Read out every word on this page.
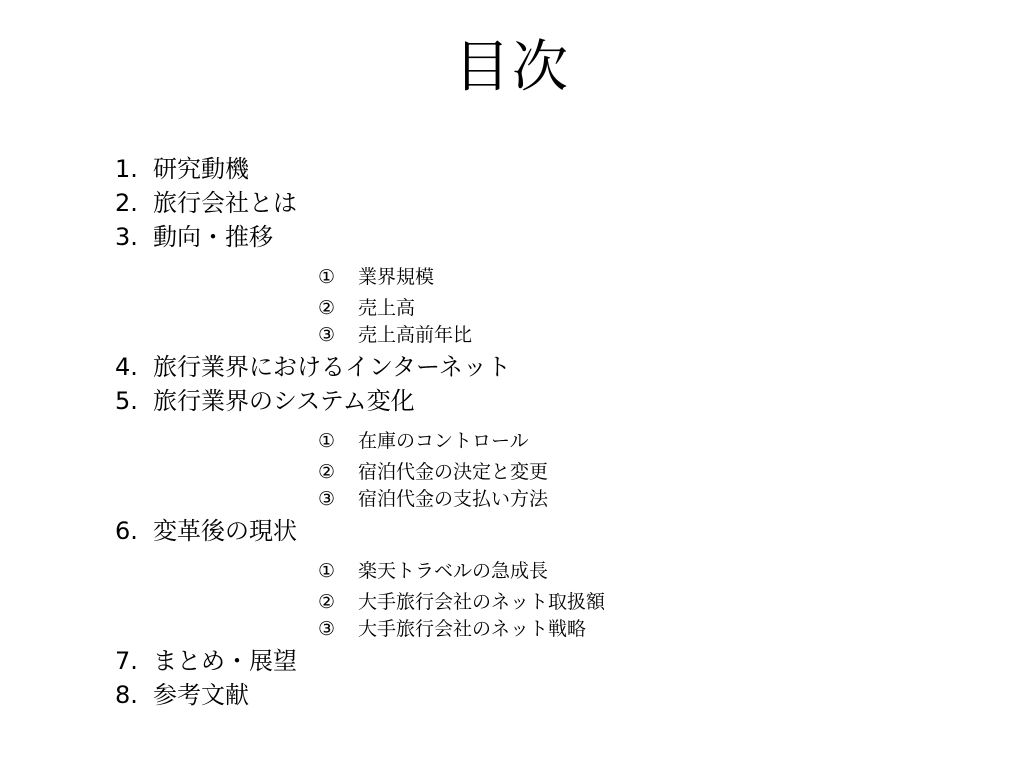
目次
1. 研究動機
2. 旅行会社とは
3. 動向・推移
① 業界規模
② 売上高
③ 売上高前年比
4. 旅行業界におけるインターネット
5. 旅行業界のシステム変化
① 在庫のコントロール
② 宿泊代金の決定と変更
③ 宿泊代金の支払い方法
6. 変革後の現状
① 楽天トラベルの急成長
② 大手旅行会社のネット取扱額
③ 大手旅行会社のネット戦略
7. まとめ・展望
8. 参考文献
